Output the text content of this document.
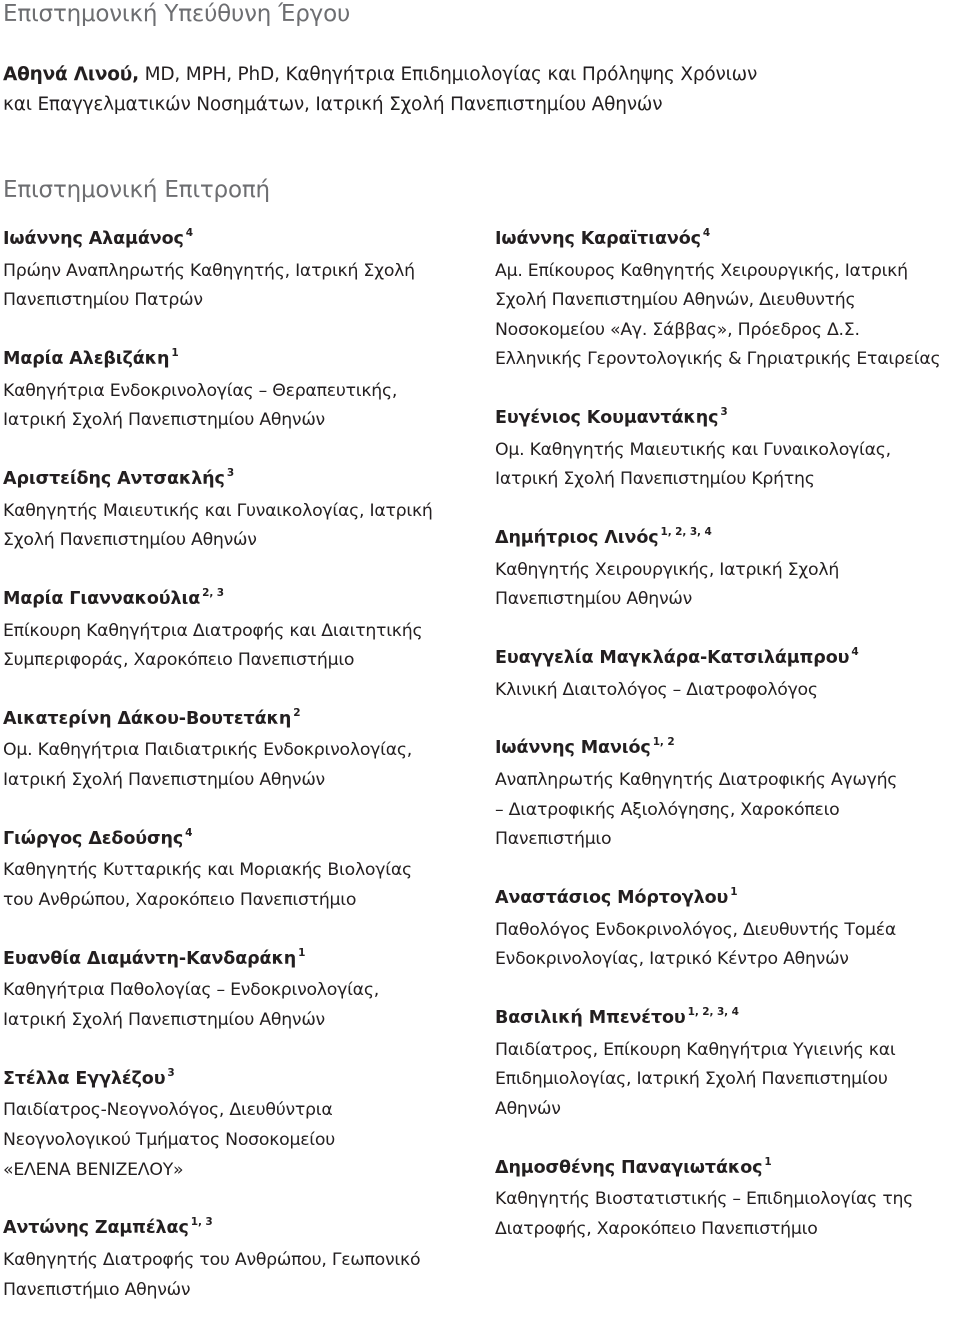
Επιστημονική Υπεύθυνη Έργου
Αθηνά Λινού, MD, MPH, PhD, Καθηγήτρια Επιδημιολογίας και Πρόληψης Χρόνιων
και Επαγγελματικών Νοσημάτων, Ιατρική Σχολή Πανεπιστημίου Αθηνών
Επιστημονική Επιτροπή
Ιωάννης Αλαμάνος $^4$
Πρώην Αναπληρωτής Καθηγητής, Ιατρική Σχολή
Πανεπιστημίου Πατρών
Μαρία Αλεβιζάκη $^1$
Καθηγήτρια Ενδοκρινολογίας – Θεραπευτικής,
Ιατρική Σχολή Πανεπιστημίου Αθηνών
Αριστείδης Αντσακλής $^3$
Καθηγητής Μαιευτικής και Γυναικολογίας, Ιατρική
Σχολή Πανεπιστημίου Αθηνών
Μαρία Γιαννακούλια $^{2, 3}$
Επίκουρη Καθηγήτρια Διατροφής και Διαιτητικής
Συμπεριφοράς, Χαροκόπειο Πανεπιστήμιο
Αικατερίνη Δάκου-Βουτετάκη $^2$
Ομ. Καθηγήτρια Παιδιατρικής Ενδοκρινολογίας,
Ιατρική Σχολή Πανεπιστημίου Αθηνών
Γιώργος Δεδούσης $^4$
Καθηγητής Κυτταρικής και Μοριακής Βιολογίας
του Ανθρώπου, Χαροκόπειο Πανεπιστήμιο
Ευανθία Διαμάντη-Κανδαράκη $^1$
Καθηγήτρια Παθολογίας – Ενδοκρινολογίας,
Ιατρική Σχολή Πανεπιστημίου Αθηνών
Στέλλα Εγγλέζου $^3$
Παιδίατρος-Νεογνολόγος, Διευθύντρια
Νεογνολογικού Τμήματος Νοσοκομείου
«ΕΛΕΝΑ ΒΕΝΙΖΕΛΟΥ»
Αντώνης Ζαμπέλας $^{1, 3}$
Καθηγητής Διατροφής του Ανθρώπου, Γεωπονικό
Πανεπιστήμιο Αθηνών
Ιωάννης Καραϊτιανός $^4$
Αμ. Επίκουρος Καθηγητής Χειρουργικής, Ιατρική
Σχολή Πανεπιστημίου Αθηνών, Διευθυντής
Νοσοκομείου «Αγ. Σάββας», Πρόεδρος Δ.Σ.
Ελληνικής Γεροντολογικής & Γηριατρικής Εταιρείας
Ευγένιος Κουμαντάκης $^3$
Ομ. Καθηγητής Μαιευτικής και Γυναικολογίας,
Ιατρική Σχολή Πανεπιστημίου Κρήτης
Δημήτριος Λινός $^{1, 2, 3, 4}$
Καθηγητής Χειρουργικής, Ιατρική Σχολή
Πανεπιστημίου Αθηνών
Ευαγγελία Μαγκλάρα-Κατσιλάμπρου $^4$
Κλινική Διαιτολόγος – Διατροφολόγος
Ιωάννης Μανιός $^{1, 2}$
Αναπληρωτής Καθηγητής Διατροφικής Αγωγής
– Διατροφικής Αξιολόγησης, Χαροκόπειο
Πανεπιστήμιο
Αναστάσιος Μόρτογλου $^1$
Παθολόγος Ενδοκρινολόγος, Διευθυντής Τομέα
Ενδοκρινολογίας, Ιατρικό Κέντρο Αθηνών
Βασιλική Μπενέτου $^{1, 2, 3, 4}$
Παιδίατρος, Επίκουρη Καθηγήτρια Υγιεινής και
Επιδημιολογίας, Ιατρική Σχολή Πανεπιστημίου
Αθηνών
Δημοσθένης Παναγιωτάκος $^1$
Καθηγητής Βιοστατιστικής – Επιδημιολογίας της
Διατροφής, Χαροκόπειο Πανεπιστήμιο
